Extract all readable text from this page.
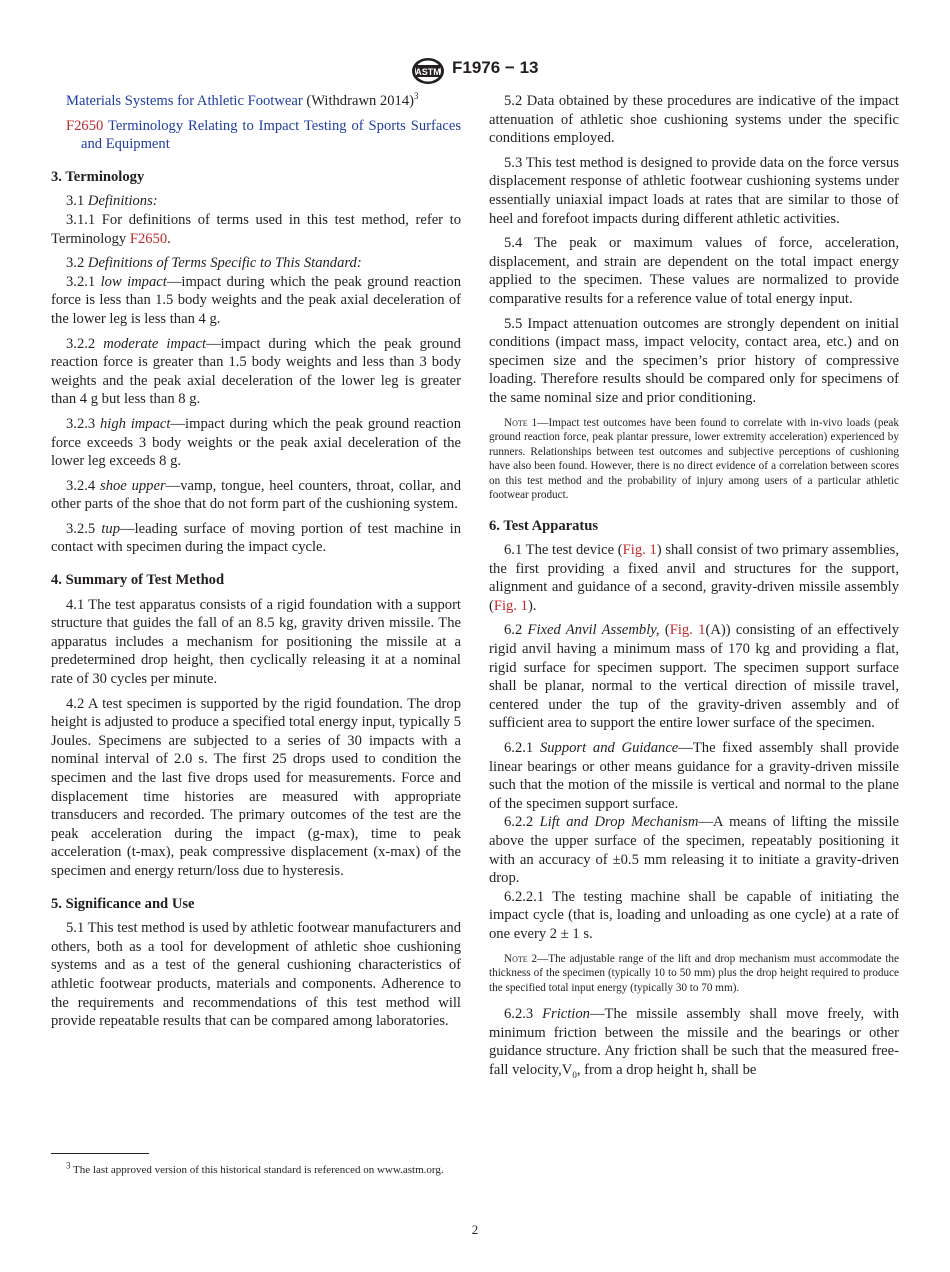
ASTM F1976 − 13

Materials Systems for Athletic Footwear (Withdrawn 2014)$^3$

F2650 Terminology Relating to Impact Testing of Sports Surfaces and Equipment

3. Terminology

3.1 Definitions:

3.1.1 For definitions of terms used in this test method, refer to Terminology F2650.

3.2 Definitions of Terms Specific to This Standard:

3.2.1 low impact—impact during which the peak ground reaction force is less than 1.5 body weights and the peak axial deceleration of the lower leg is less than 4 g.

3.2.2 moderate impact—impact during which the peak ground reaction force is greater than 1.5 body weights and less than 3 body weights and the peak axial deceleration of the lower leg is greater than 4 g but less than 8 g.

3.2.3 high impact—impact during which the peak ground reaction force exceeds 3 body weights or the peak axial deceleration of the lower leg exceeds 8 g.

3.2.4 shoe upper—vamp, tongue, heel counters, throat, collar, and other parts of the shoe that do not form part of the cushioning system.

3.2.5 tup—leading surface of moving portion of test machine in contact with specimen during the impact cycle.

4. Summary of Test Method

4.1 The test apparatus consists of a rigid foundation with a support structure that guides the fall of an 8.5 kg, gravity driven missile. The apparatus includes a mechanism for positioning the missile at a predetermined drop height, then cyclically releasing it at a nominal rate of 30 cycles per minute.

4.2 A test specimen is supported by the rigid foundation. The drop height is adjusted to produce a specified total energy input, typically 5 Joules. Specimens are subjected to a series of 30 impacts with a nominal interval of 2.0 s. The first 25 drops used to condition the specimen and the last five drops used for measurements. Force and displacement time histories are measured with appropriate transducers and recorded. The primary outcomes of the test are the peak acceleration during the impact (g-max), time to peak acceleration (t-max), peak compressive displacement (x-max) of the specimen and energy return/loss due to hysteresis.

5. Significance and Use

5.1 This test method is used by athletic footwear manufacturers and others, both as a tool for development of athletic shoe cushioning systems and as a test of the general cushioning characteristics of athletic footwear products, materials and components. Adherence to the requirements and recommendations of this test method will provide repeatable results that can be compared among laboratories.

$^3$ The last approved version of this historical standard is referenced on www.astm.org.

5.2 Data obtained by these procedures are indicative of the impact attenuation of athletic shoe cushioning systems under the specific conditions employed.

5.3 This test method is designed to provide data on the force versus displacement response of athletic footwear cushioning systems under essentially uniaxial impact loads at rates that are similar to those of heel and forefoot impacts during different athletic activities.

5.4 The peak or maximum values of force, acceleration, displacement, and strain are dependent on the total impact energy applied to the specimen. These values are normalized to provide comparative results for a reference value of total energy input.

5.5 Impact attenuation outcomes are strongly dependent on initial conditions (impact mass, impact velocity, contact area, etc.) and on specimen size and the specimen’s prior history of compressive loading. Therefore results should be compared only for specimens of the same nominal size and prior conditioning.

Note 1—Impact test outcomes have been found to correlate with in-vivo loads (peak ground reaction force, peak plantar pressure, lower extremity acceleration) experienced by runners. Relationships between test outcomes and subjective perceptions of cushioning have also been found. However, there is no direct evidence of a correlation between scores on this test method and the probability of injury among users of a particular athletic footwear product.

6. Test Apparatus

6.1 The test device (Fig. 1) shall consist of two primary assemblies, the first providing a fixed anvil and structures for the support, alignment and guidance of a second, gravity-driven missile assembly (Fig. 1).

6.2 Fixed Anvil Assembly, (Fig. 1(A)) consisting of an effectively rigid anvil having a minimum mass of 170 kg and providing a flat, rigid surface for specimen support. The specimen support surface shall be planar, normal to the vertical direction of missile travel, centered under the tup of the gravity-driven assembly and of sufficient area to support the entire lower surface of the specimen.

6.2.1 Support and Guidance—The fixed assembly shall provide linear bearings or other means guidance for a gravity-driven missile such that the motion of the missile is vertical and normal to the plane of the specimen support surface.

6.2.2 Lift and Drop Mechanism—A means of lifting the missile above the upper surface of the specimen, repeatably positioning it with an accuracy of ±0.5 mm releasing it to initiate a gravity-driven drop.

6.2.2.1 The testing machine shall be capable of initiating the impact cycle (that is, loading and unloading as one cycle) at a rate of one every 2 ± 1 s.

Note 2—The adjustable range of the lift and drop mechanism must accommodate the thickness of the specimen (typically 10 to 50 mm) plus the drop height required to produce the specified total input energy (typically 30 to 70 mm).

6.2.3 Friction—The missile assembly shall move freely, with minimum friction between the missile and the bearings or other guidance structure. Any friction shall be such that the measured free-fall $velocity,V_0$, from a drop height h, shall be

2
